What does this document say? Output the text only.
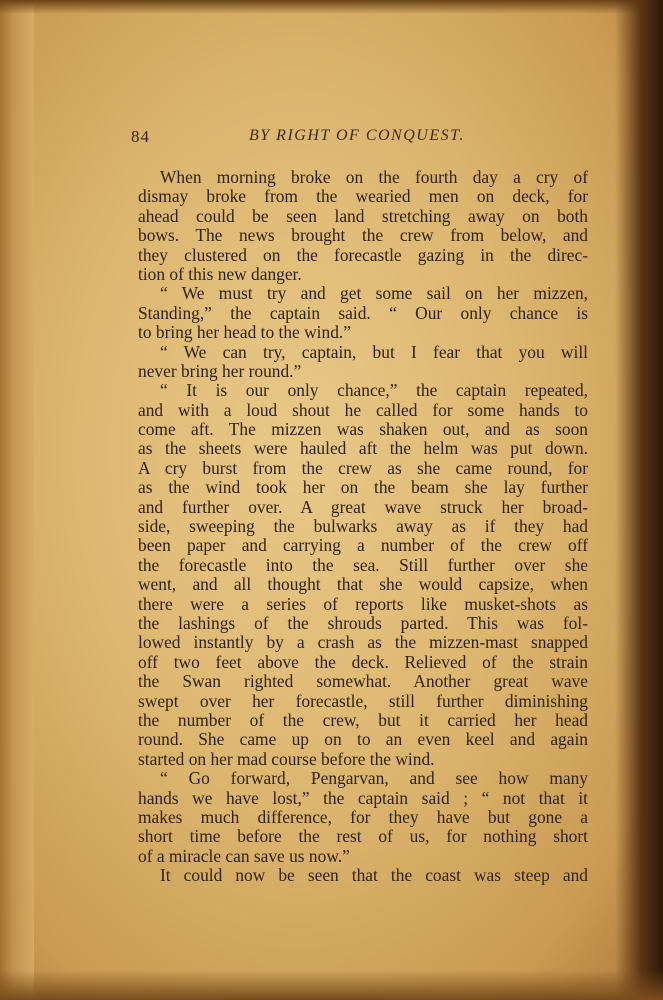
84	BY RIGHT OF CONQUEST.
When morning broke on the fourth day a cry of
dismay broke from the wearied men on deck, for
ahead could be seen land stretching away on both
bows. The news brought the crew from below, and
they clustered on the forecastle gazing in the direc-
tion of this new danger.
“ We must try and get some sail on her mizzen,
Standing,” the captain said. “ Our only chance is
to bring her head to the wind.”
“ We can try, captain, but I fear that you will
never bring her round.”
“ It is our only chance,” the captain repeated,
and with a loud shout he called for some hands to
come aft. The mizzen was shaken out, and as soon
as the sheets were hauled aft the helm was put down.
A cry burst from the crew as she came round, for
as the wind took her on the beam she lay further
and further over. A great wave struck her broad-
side, sweeping the bulwarks away as if they had
been paper and carrying a number of the crew off
the forecastle into the sea. Still further over she
went, and all thought that she would capsize, when
there were a series of reports like musket-shots as
the lashings of the shrouds parted. This was fol-
lowed instantly by a crash as the mizzen-mast snapped
off two feet above the deck. Relieved of the strain
the Swan righted somewhat. Another great wave
swept over her forecastle, still further diminishing
the number of the crew, but it carried her head
round. She came up on to an even keel and again
started on her mad course before the wind.
“ Go forward, Pengarvan, and see how many
hands we have lost,” the captain said ; “ not that it
makes much difference, for they have but gone a
short time before the rest of us, for nothing short
of a miracle can save us now.”
It could now be seen that the coast was steep and
